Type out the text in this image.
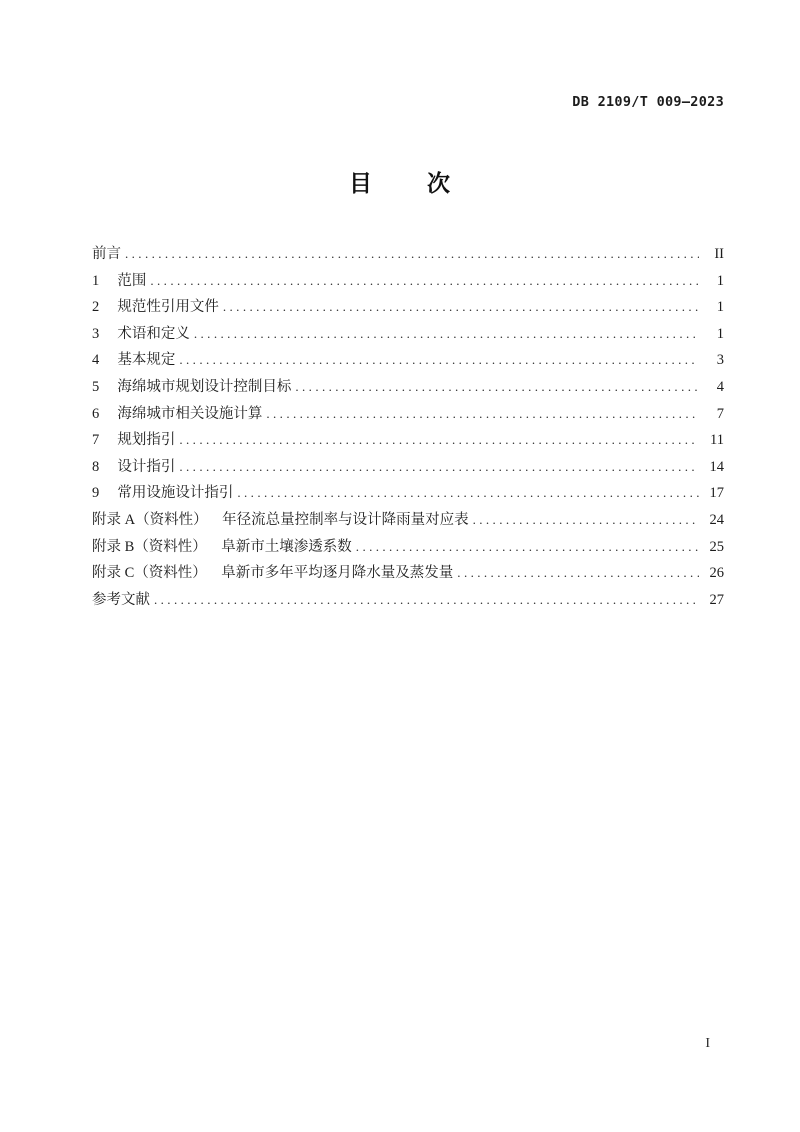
DB 2109/T 009—2023
目      次
前言 .....	II
1     范围 .....	1
2     规范性引用文件 .....	1
3     术语和定义 .....	1
4     基本规定 .....	3
5     海绵城市规划设计控制目标 .....	4
6     海绵城市相关设施计算 .....	7
7     规划指引 .....	11
8     设计指引 .....	14
9     常用设施设计指引 .....	17
附录 A（资料性）    年径流总量控制率与设计降雨量对应表 .....	24
附录 B（资料性）    阜新市土壤渗透系数 .....	25
附录 C（资料性）    阜新市多年平均逐月降水量及蒸发量 .....	26
参考文献 .....	27
I
